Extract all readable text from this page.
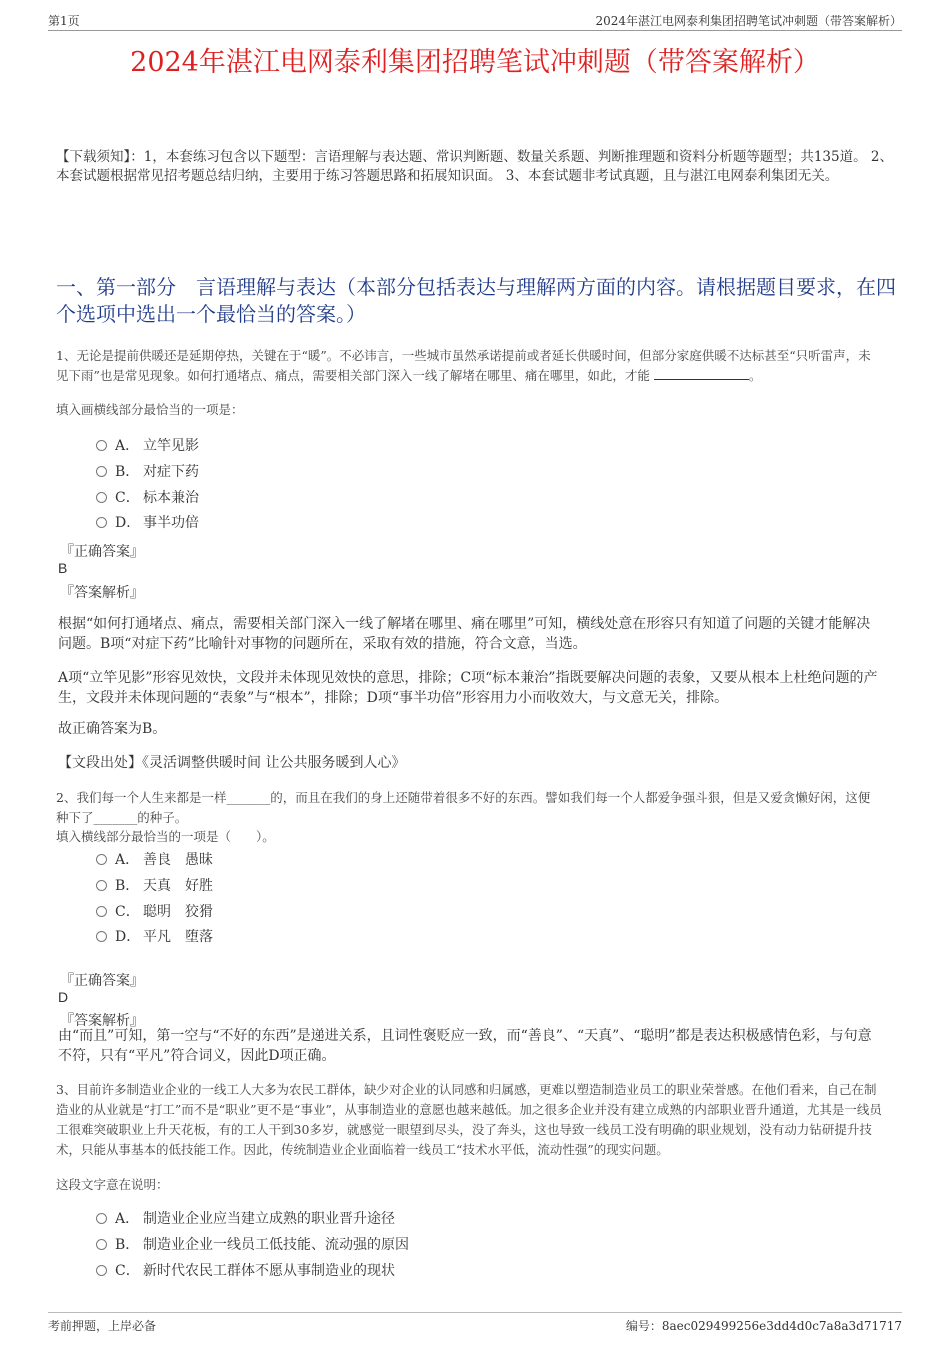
第1页	2024年湛江电网泰利集团招聘笔试冲刺题（带答案解析）
2024年湛江电网泰利集团招聘笔试冲刺题（带答案解析）
【下载须知】：1，本套练习包含以下题型：言语理解与表达题、常识判断题、数量关系题、判断推理题和资料分析题等题型；共135道。 2、本套试题根据常见招考题总结归纳，主要用于练习答题思路和拓展知识面。 3、本套试题非考试真题，且与湛江电网泰利集团无关。
一、第一部分　言语理解与表达（本部分包括表达与理解两方面的内容。请根据题目要求，在四个选项中选出一个最恰当的答案。）
1、无论是提前供暖还是延期停热，关键在于“暖”。不必讳言，一些城市虽然承诺提前或者延长供暖时间，但部分家庭供暖不达标甚至“只听雷声，未见下雨”也是常见现象。如何打通堵点、痛点，需要相关部门深入一线了解堵在哪里、痛在哪里，如此，才能	。
填入画横线部分最恰当的一项是：
A． 立竿见影
B． 对症下药
C． 标本兼治
D． 事半功倍
『正确答案』
B
『答案解析』
根据“如何打通堵点、痛点，需要相关部门深入一线了解堵在哪里、痛在哪里”可知，横线处意在形容只有知道了问题的关键才能解决问题。B项“对症下药”比喻针对事物的问题所在，采取有效的措施，符合文意，当选。
A项“立竿见影”形容见效快，文段并未体现见效快的意思，排除；C项“标本兼治”指既要解决问题的表象，又要从根本上杜绝问题的产生，文段并未体现问题的“表象”与“根本”，排除；D项“事半功倍”形容用力小而收效大，与文意无关，排除。
故正确答案为B。
【文段出处】《灵活调整供暖时间 让公共服务暖到人心》
2、我们每一个人生来都是一样_______的，而且在我们的身上还随带着很多不好的东西。譬如我们每一个人都爱争强斗狠，但是又爱贪懒好闲，这便种下了_______的种子。
填入横线部分最恰当的一项是（　　）。
A． 善良　愚昧
B． 天真　好胜
C． 聪明　狡猾
D． 平凡　堕落
『正确答案』
D
『答案解析』
由“而且”可知，第一空与“不好的东西”是递进关系，且词性褒贬应一致，而“善良”、“天真”、“聪明”都是表达积极感情色彩，与句意不符，只有“平凡”符合词义，因此D项正确。
3、目前许多制造业企业的一线工人大多为农民工群体，缺少对企业的认同感和归属感，更难以塑造制造业员工的职业荣誉感。在他们看来，自己在制造业的从业就是“打工”而不是“职业”更不是“事业”，从事制造业的意愿也越来越低。加之很多企业并没有建立成熟的内部职业晋升通道，尤其是一线员工很难突破职业上升天花板，有的工人干到30多岁，就感觉一眼望到尽头，没了奔头，这也导致一线员工没有明确的职业规划，没有动力钻研提升技术，只能从事基本的低技能工作。因此，传统制造业企业面临着一线员工“技术水平低，流动性强”的现实问题。
这段文字意在说明：
A． 制造业企业应当建立成熟的职业晋升途径
B． 制造业企业一线员工低技能、流动强的原因
C． 新时代农民工群体不愿从事制造业的现状
考前押题，上岸必备	编号：8aec029499256e3dd4d0c7a8a3d71717
